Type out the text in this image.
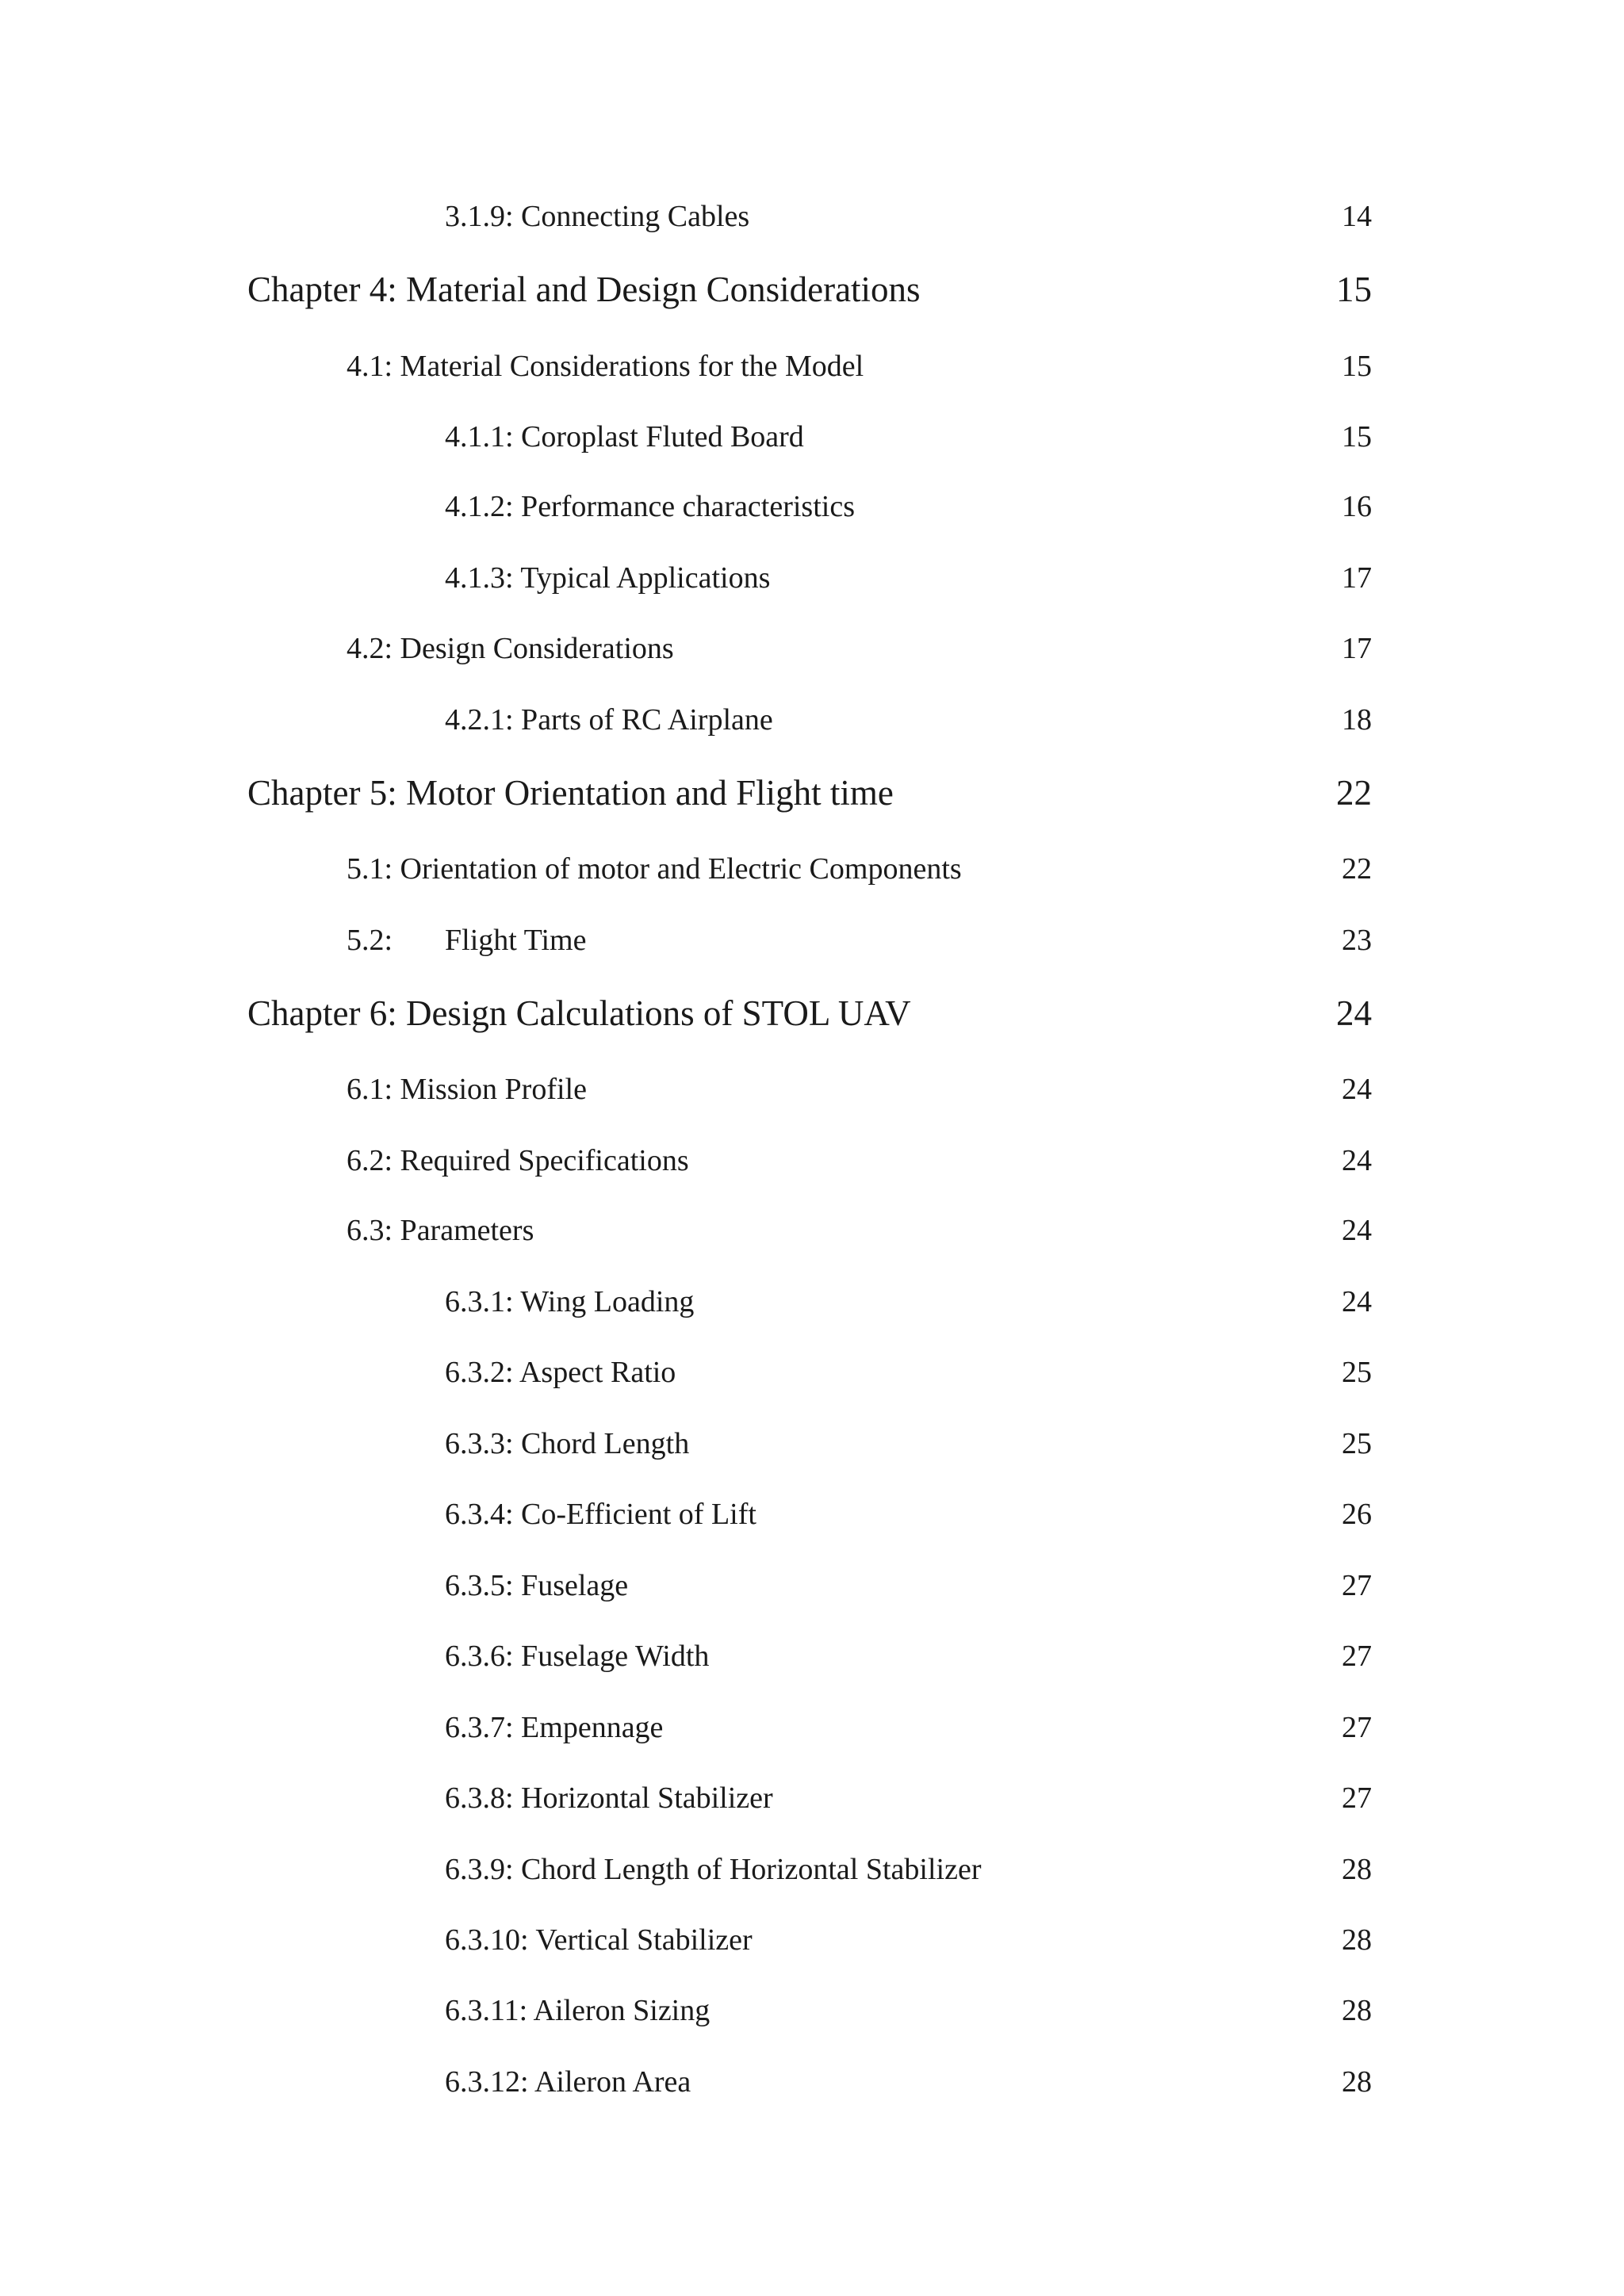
3.1.9: Connecting Cables	14
Chapter 4: Material and Design Considerations	15
4.1: Material Considerations for the Model	15
4.1.1: Coroplast Fluted Board	15
4.1.2: Performance characteristics	16
4.1.3: Typical Applications	17
4.2: Design Considerations	17
4.2.1: Parts of RC Airplane	18
Chapter 5: Motor Orientation and Flight time	22
5.1: Orientation of motor and Electric Components	22
5.2: Flight Time	23
Chapter 6: Design Calculations of STOL UAV	24
6.1: Mission Profile	24
6.2: Required Specifications	24
6.3: Parameters	24
6.3.1: Wing Loading	24
6.3.2: Aspect Ratio	25
6.3.3: Chord Length	25
6.3.4: Co-Efficient of Lift	26
6.3.5: Fuselage	27
6.3.6: Fuselage Width	27
6.3.7: Empennage	27
6.3.8: Horizontal Stabilizer	27
6.3.9: Chord Length of Horizontal Stabilizer	28
6.3.10: Vertical Stabilizer	28
6.3.11: Aileron Sizing	28
6.3.12: Aileron Area	28
